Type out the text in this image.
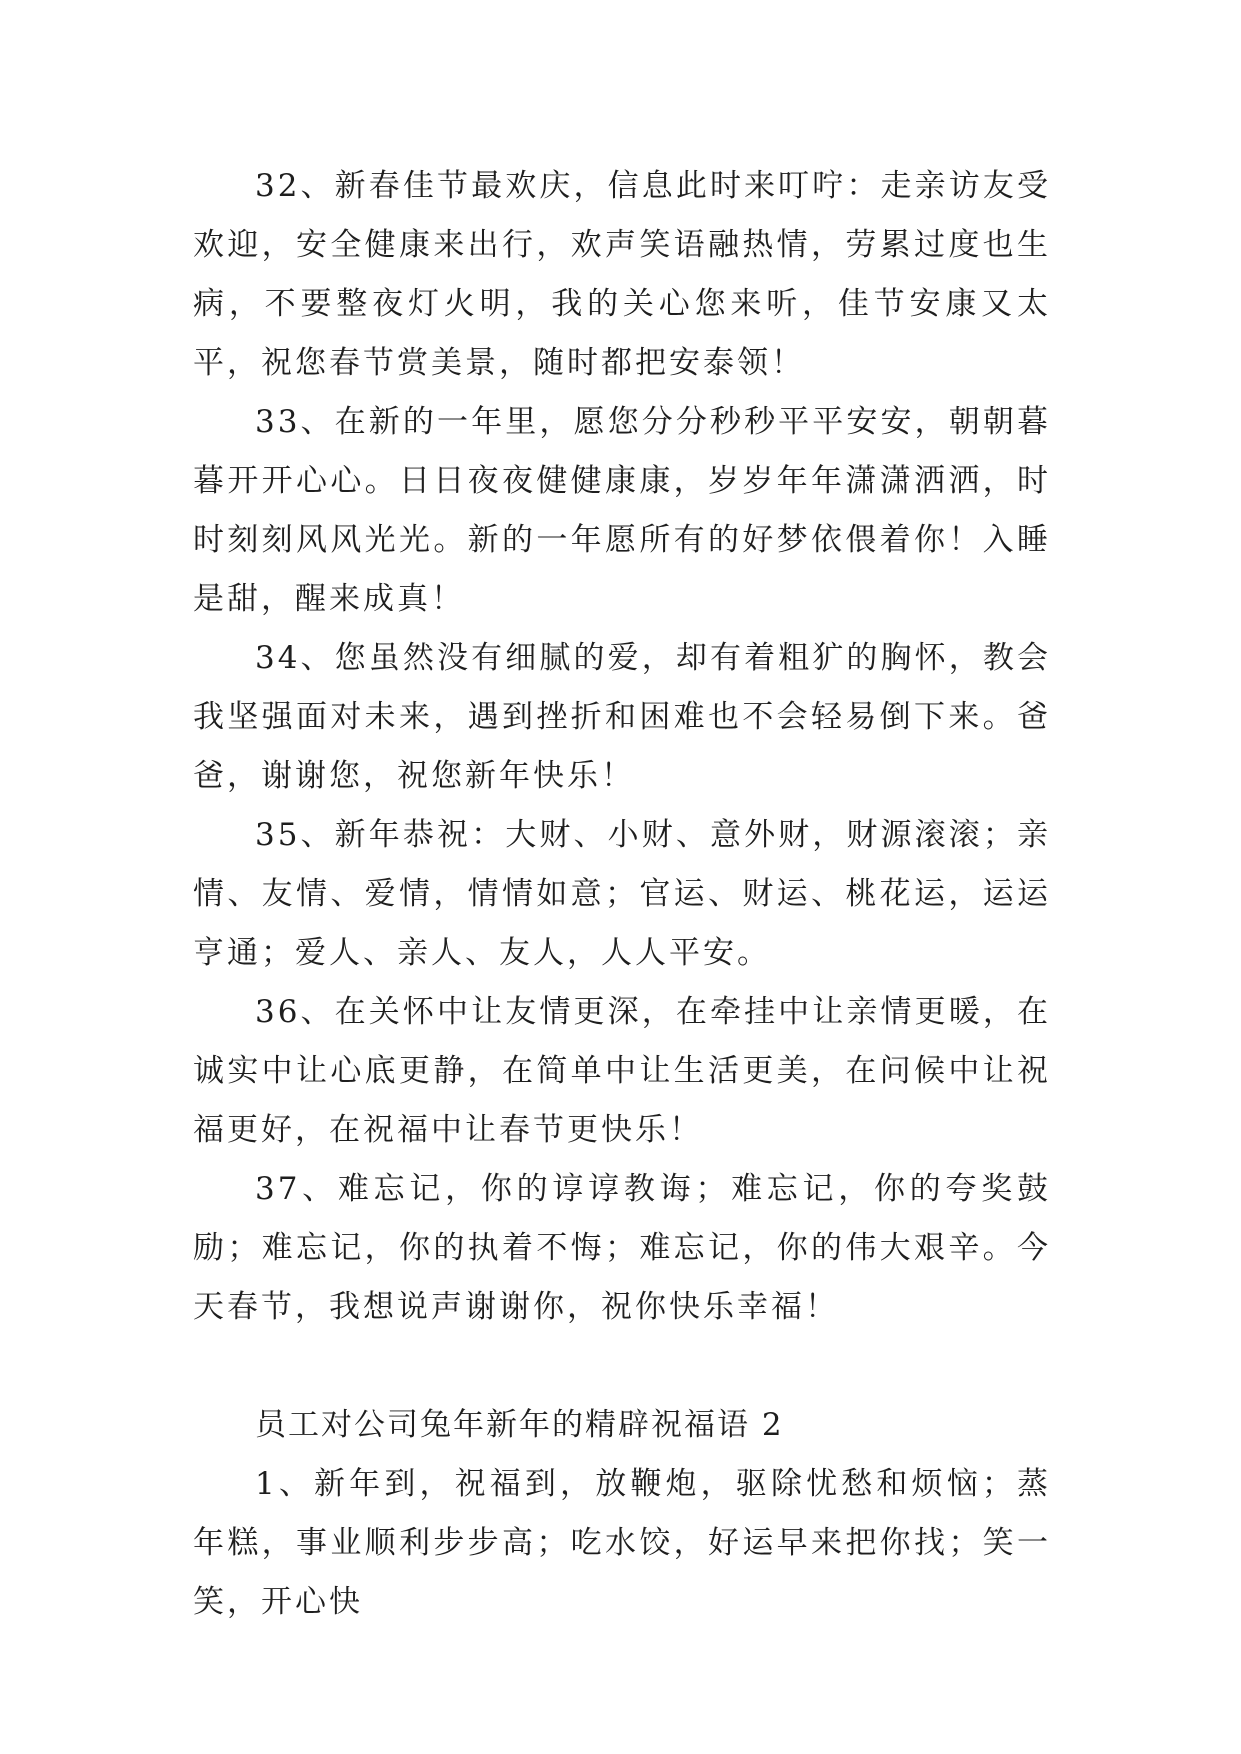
32、新春佳节最欢庆，信息此时来叮咛：走亲访友受欢迎，安全健康来出行，欢声笑语融热情，劳累过度也生病，不要整夜灯火明，我的关心您来听，佳节安康又太平，祝您春节赏美景，随时都把安泰领！

33、在新的一年里，愿您分分秒秒平平安安，朝朝暮暮开开心心。日日夜夜健健康康，岁岁年年潇潇洒洒，时时刻刻风风光光。新的一年愿所有的好梦依偎着你！入睡是甜，醒来成真！

34、您虽然没有细腻的爱，却有着粗犷的胸怀，教会我坚强面对未来，遇到挫折和困难也不会轻易倒下来。爸爸，谢谢您，祝您新年快乐！

35、新年恭祝：大财、小财、意外财，财源滚滚；亲情、友情、爱情，情情如意；官运、财运、桃花运，运运亨通；爱人、亲人、友人，人人平安。

36、在关怀中让友情更深，在牵挂中让亲情更暖，在诚实中让心底更静，在简单中让生活更美，在问候中让祝福更好，在祝福中让春节更快乐！

37、难忘记，你的谆谆教诲；难忘记，你的夸奖鼓励；难忘记，你的执着不悔；难忘记，你的伟大艰辛。今天春节，我想说声谢谢你，祝你快乐幸福！

员工对公司兔年新年的精辟祝福语 2

1、新年到，祝福到，放鞭炮，驱除忧愁和烦恼；蒸年糕，事业顺利步步高；吃水饺，好运早来把你找；笑一笑，开心快
